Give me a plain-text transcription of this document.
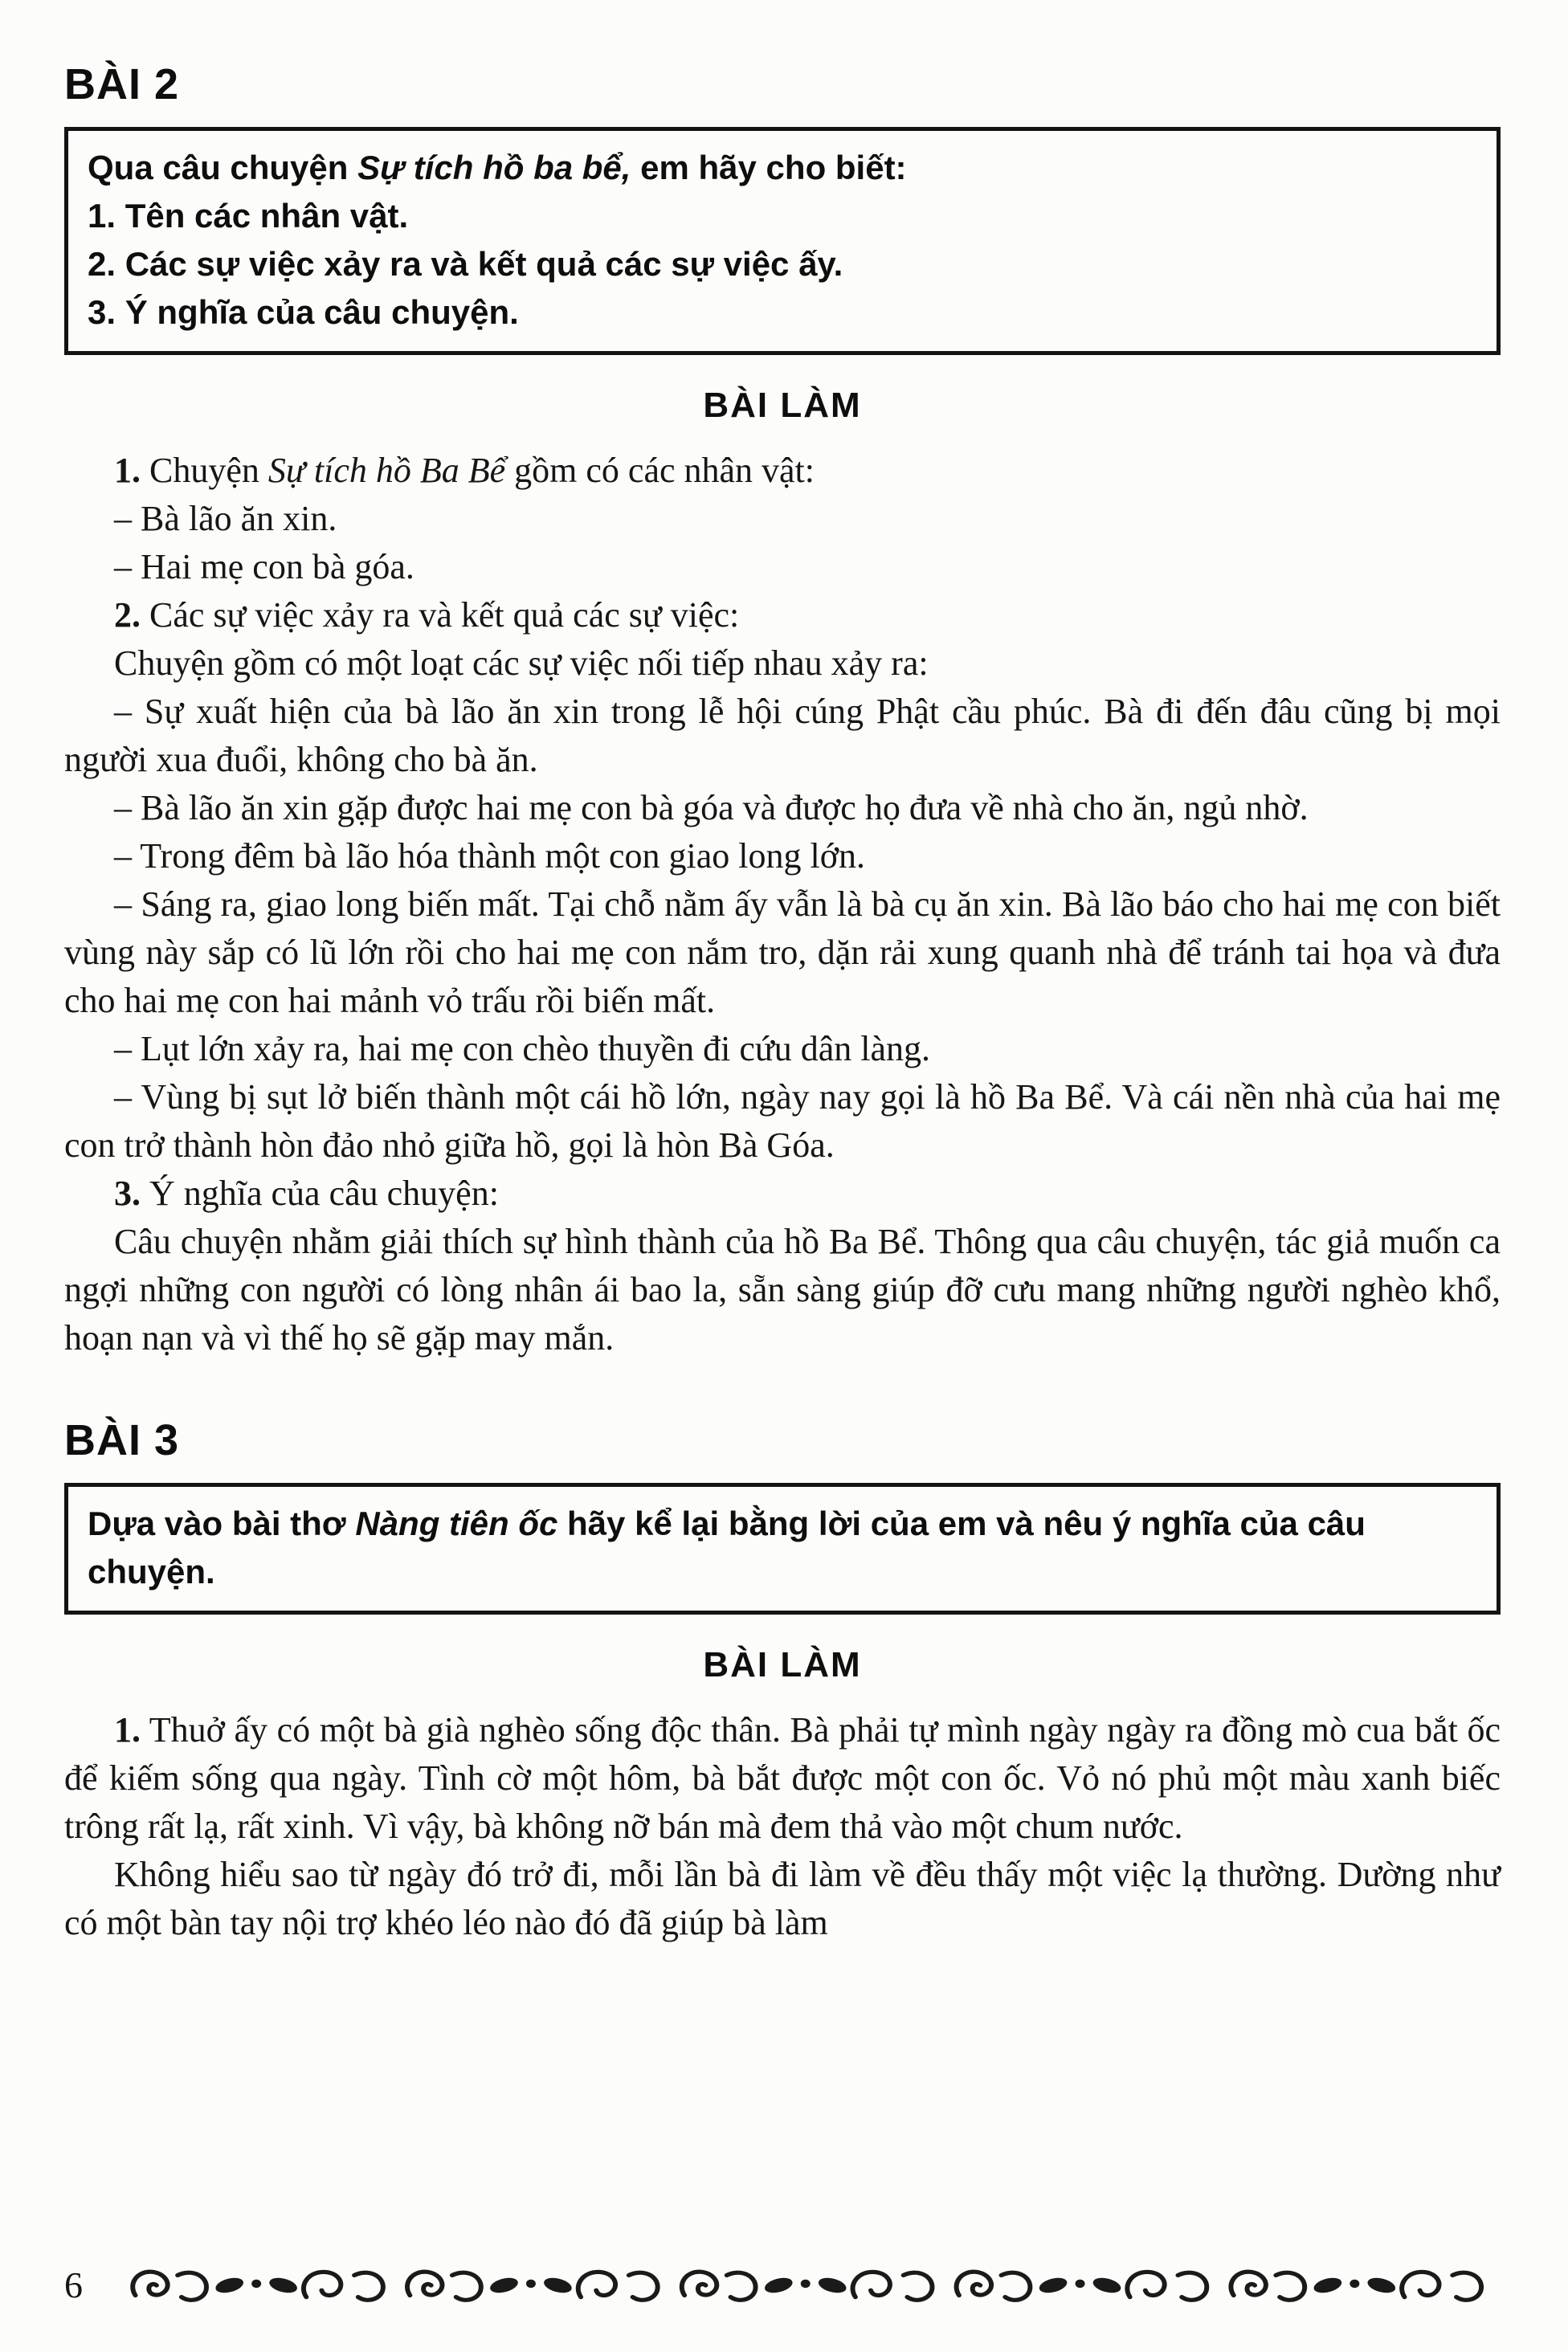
BÀI 2

Qua câu chuyện Sự tích hồ ba bể, em hãy cho biết:

1. Tên các nhân vật.

2. Các sự việc xảy ra và kết quả các sự việc ấy.

3. Ý nghĩa của câu chuyện.

BÀI LÀM

1. Chuyện Sự tích hồ Ba Bể gồm có các nhân vật:

– Bà lão ăn xin.

– Hai mẹ con bà góa.

2. Các sự việc xảy ra và kết quả các sự việc:

Chuyện gồm có một loạt các sự việc nối tiếp nhau xảy ra:

– Sự xuất hiện của bà lão ăn xin trong lễ hội cúng Phật cầu phúc. Bà đi đến đâu cũng bị mọi người xua đuổi, không cho bà ăn.

– Bà lão ăn xin gặp được hai mẹ con bà góa và được họ đưa về nhà cho ăn, ngủ nhờ.

– Trong đêm bà lão hóa thành một con giao long lớn.

– Sáng ra, giao long biến mất. Tại chỗ nằm ấy vẫn là bà cụ ăn xin. Bà lão báo cho hai mẹ con biết vùng này sắp có lũ lớn rồi cho hai mẹ con nắm tro, dặn rải xung quanh nhà để tránh tai họa và đưa cho hai mẹ con hai mảnh vỏ trấu rồi biến mất.

– Lụt lớn xảy ra, hai mẹ con chèo thuyền đi cứu dân làng.

– Vùng bị sụt lở biến thành một cái hồ lớn, ngày nay gọi là hồ Ba Bể. Và cái nền nhà của hai mẹ con trở thành hòn đảo nhỏ giữa hồ, gọi là hòn Bà Góa.

3. Ý nghĩa của câu chuyện:

Câu chuyện nhằm giải thích sự hình thành của hồ Ba Bể. Thông qua câu chuyện, tác giả muốn ca ngợi những con người có lòng nhân ái bao la, sẵn sàng giúp đỡ cưu mang những người nghèo khổ, hoạn nạn và vì thế họ sẽ gặp may mắn.

BÀI 3

Dựa vào bài thơ Nàng tiên ốc hãy kể lại bằng lời của em và nêu ý nghĩa của câu chuyện.

BÀI LÀM

1. Thuở ấy có một bà già nghèo sống độc thân. Bà phải tự mình ngày ngày ra đồng mò cua bắt ốc để kiếm sống qua ngày. Tình cờ một hôm, bà bắt được một con ốc. Vỏ nó phủ một màu xanh biếc trông rất lạ, rất xinh. Vì vậy, bà không nỡ bán mà đem thả vào một chum nước.

Không hiểu sao từ ngày đó trở đi, mỗi lần bà đi làm về đều thấy một việc lạ thường. Dường như có một bàn tay nội trợ khéo léo nào đó đã giúp bà làm

6
